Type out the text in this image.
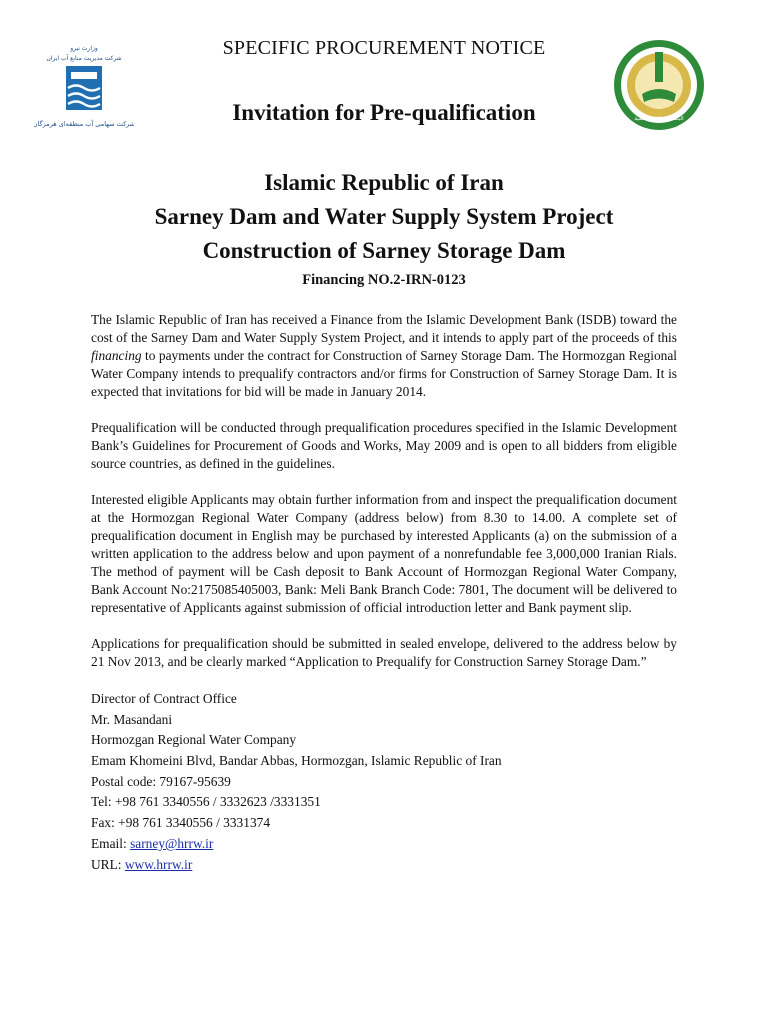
وزارت نیرو
شرکت مدیریت منابع آب ایران
شرکت سهامی آب منطقه‌ای هرمزگان
البنك الإسلامي للتنمية
SPECIFIC PROCUREMENT NOTICE
Invitation for Pre-qualification
Islamic Republic of Iran
Sarney Dam and Water Supply System Project
Construction of Sarney Storage Dam
Financing NO.2-IRN-0123

The Islamic Republic of Iran has received a Finance from the Islamic Development Bank (ISDB) toward the cost of the Sarney Dam and Water Supply System Project, and it intends to apply part of the proceeds of this financing to payments under the contract for Construction of Sarney Storage Dam. The Hormozgan Regional Water Company intends to prequalify contractors and/or firms for Construction of Sarney Storage Dam. It is expected that invitations for bid will be made in January 2014.

Prequalification will be conducted through prequalification procedures specified in the Islamic Development Bank’s Guidelines for Procurement of Goods and Works, May 2009 and is open to all bidders from eligible source countries, as defined in the guidelines.

Interested eligible Applicants may obtain further information from and inspect the prequalification document at the Hormozgan Regional Water Company (address below) from 8.30 to 14.00. A complete set of prequalification document in English may be purchased by interested Applicants (a) on the submission of a written application to the address below and upon payment of a nonrefundable fee 3,000,000 Iranian Rials. The method of payment will be Cash deposit to Bank Account of Hormozgan Regional Water Company, Bank Account No:2175085405003, Bank: Meli Bank Branch Code: 7801, The document will be delivered to representative of Applicants against submission of official introduction letter and Bank payment slip.

Applications for prequalification should be submitted in sealed envelope, delivered to the address below by 21 Nov 2013, and be clearly marked “Application to Prequalify for Construction Sarney Storage Dam.”

Director of Contract Office
Mr. Masandani
Hormozgan Regional Water Company
Emam Khomeini Blvd, Bandar Abbas, Hormozgan, Islamic Republic of Iran
Postal code: 79167-95639
Tel: +98 761 3340556 / 3332623 /3331351
Fax: +98 761 3340556 / 3331374
Email: sarney@hrrw.ir
URL: www.hrrw.ir
